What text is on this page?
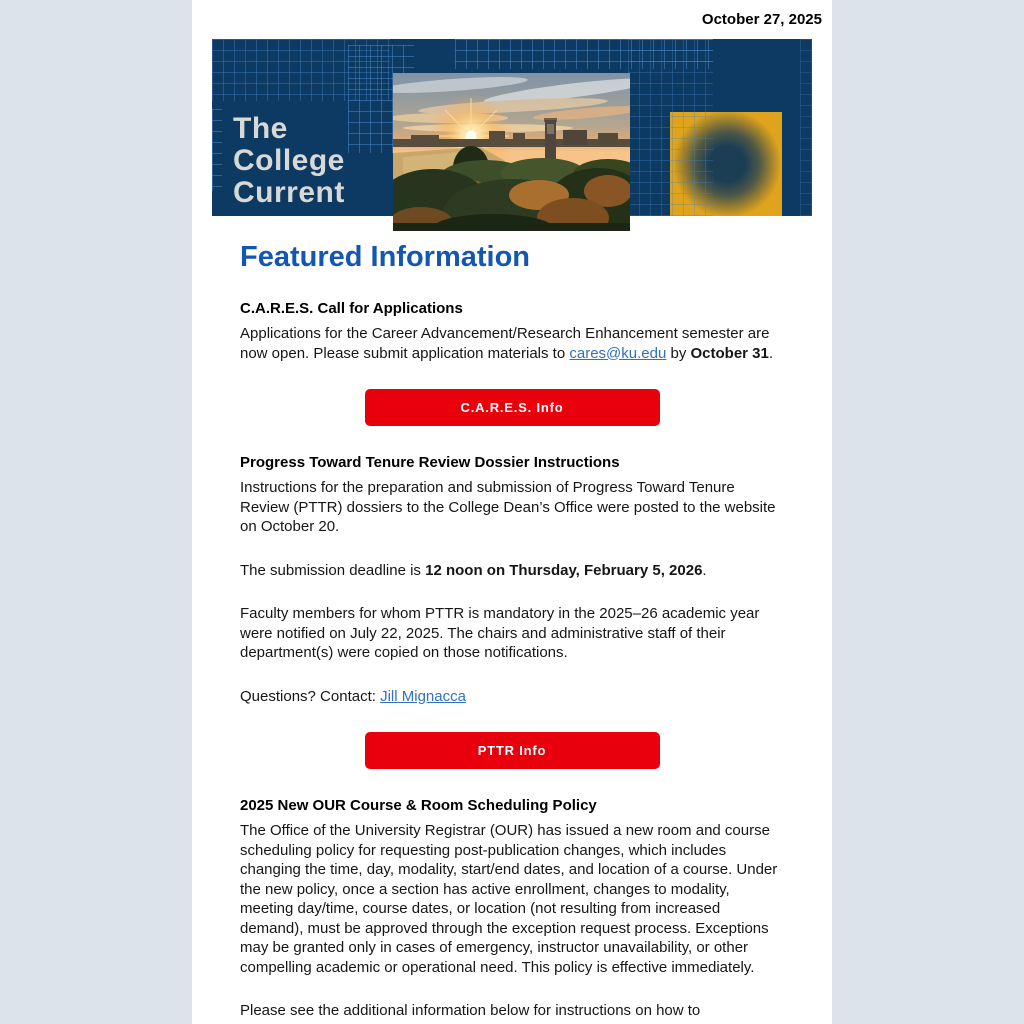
October 27, 2025
The
College
Current
Featured Information
C.A.R.E.S. Call for Applications

Applications for the Career Advancement/Research Enhancement semester are now open. Please submit application materials to cares@ku.edu by October 31.

C.A.R.E.S. Info
Progress Toward Tenure Review Dossier Instructions

Instructions for the preparation and submission of Progress Toward Tenure Review (PTTR) dossiers to the College Dean’s Office were posted to the website on October 20.

The submission deadline is 12 noon on Thursday, February 5, 2026.

Faculty members for whom PTTR is mandatory in the 2025–26 academic year were notified on July 22, 2025. The chairs and administrative staff of their department(s) were copied on those notifications.

Questions? Contact: Jill Mignacca

PTTR Info
2025 New OUR Course & Room Scheduling Policy

The Office of the University Registrar (OUR) has issued a new room and course scheduling policy for requesting post-publication changes, which includes changing the time, day, modality, start/end dates, and location of a course. Under the new policy, once a section has active enrollment, changes to modality, meeting day/time, course dates, or location (not resulting from increased demand), must be approved through the exception request process. Exceptions may be granted only in cases of emergency, instructor unavailability, or other compelling academic or operational need. This policy is effective immediately.

Please see the additional information below for instructions on how to
